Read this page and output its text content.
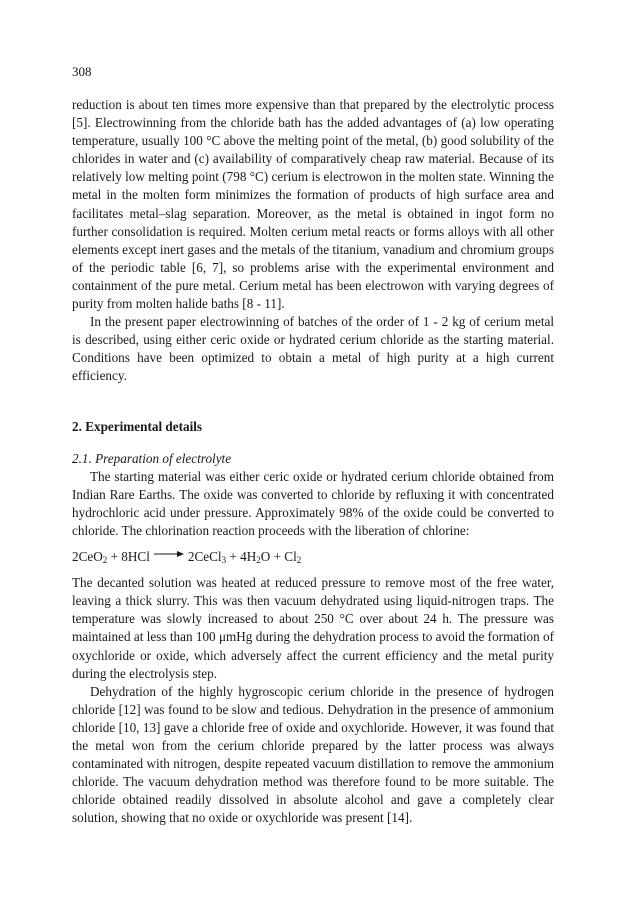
308

reduction is about ten times more expensive than that prepared by the electrolytic process [5]. Electrowinning from the chloride bath has the added advantages of (a) low operating temperature, usually 100 °C above the melting point of the metal, (b) good solubility of the chlorides in water and (c) availability of comparatively cheap raw material. Because of its relatively low melting point (798 °C) cerium is electrowon in the molten state. Winning the metal in the molten form minimizes the formation of products of high surface area and facilitates metal–slag separation. Moreover, as the metal is obtained in ingot form no further consolidation is required. Molten cerium metal reacts or forms alloys with all other elements except inert gases and the metals of the titanium, vanadium and chromium groups of the periodic table [6, 7], so problems arise with the experimental environment and containment of the pure metal. Cerium metal has been electrowon with varying degrees of purity from molten halide baths [8 - 11].

In the present paper electrowinning of batches of the order of 1 - 2 kg of cerium metal is described, using either ceric oxide or hydrated cerium chloride as the starting material. Conditions have been optimized to obtain a metal of high purity at a high current efficiency.

2. Experimental details

2.1. Preparation of electrolyte

The starting material was either ceric oxide or hydrated cerium chloride obtained from Indian Rare Earths. The oxide was converted to chloride by refluxing it with concentrated hydrochloric acid under pressure. Approximately 98% of the oxide could be converted to chloride. The chlorination reaction proceeds with the liberation of chlorine:

2CeO$_2$ + 8HCl → 2CeCl$_3$ + $4H_2O + Cl_2$

The decanted solution was heated at reduced pressure to remove most of the free water, leaving a thick slurry. This was then vacuum dehydrated using liquid-nitrogen traps. The temperature was slowly increased to about 250 °C over about 24 h. The pressure was maintained at less than 100 μmHg during the dehydration process to avoid the formation of oxychloride or oxide, which adversely affect the current efficiency and the metal purity during the electrolysis step.

Dehydration of the highly hygroscopic cerium chloride in the presence of hydrogen chloride [12] was found to be slow and tedious. Dehydration in the presence of ammonium chloride [10, 13] gave a chloride free of oxide and oxychloride. However, it was found that the metal won from the cerium chloride prepared by the latter process was always contaminated with nitrogen, despite repeated vacuum distillation to remove the ammonium chloride. The vacuum dehydration method was therefore found to be more suitable. The chloride obtained readily dissolved in absolute alcohol and gave a completely clear solution, showing that no oxide or oxychloride was present [14].
